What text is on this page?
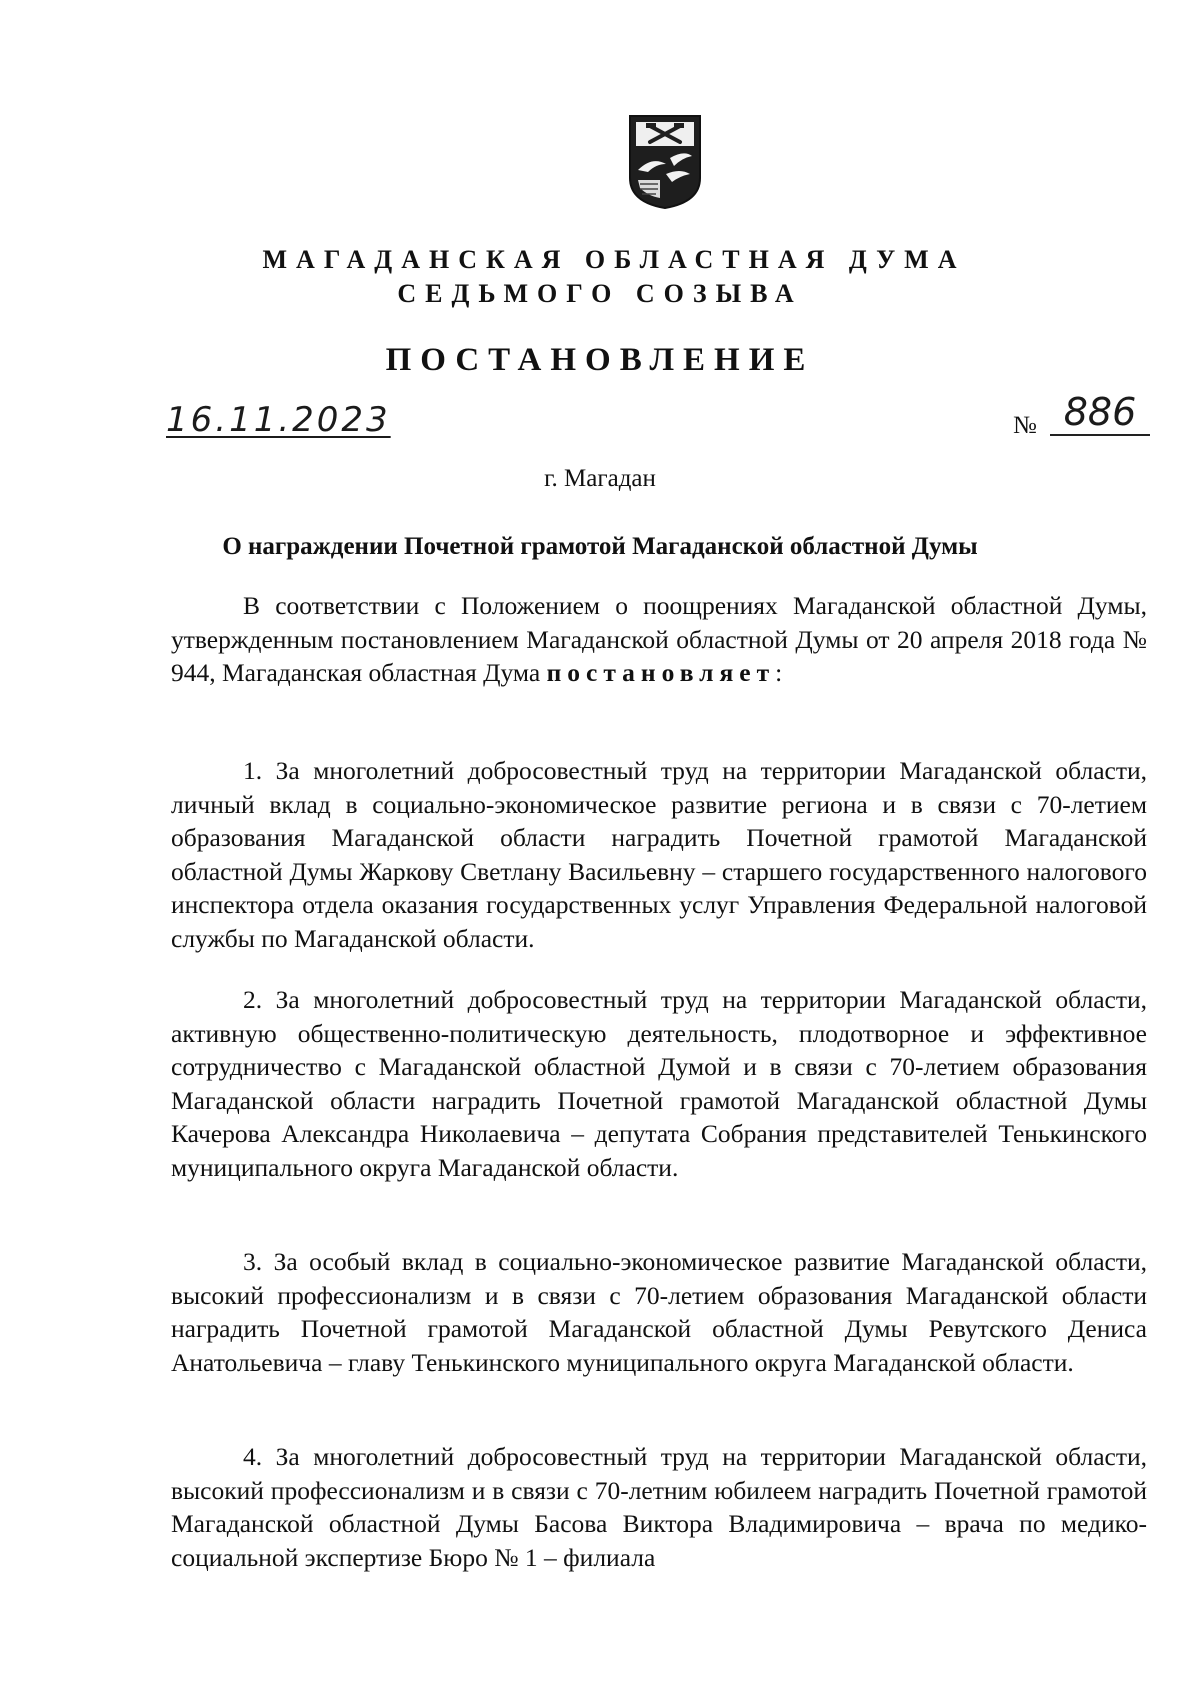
МАГАДАНСКАЯ ОБЛАСТНАЯ ДУМА
СЕДЬМОГО СОЗЫВА
ПОСТАНОВЛЕНИЕ
16.11.2023	№ 886
г. Магадан
О награждении Почетной грамотой Магаданской областной Думы
В соответствии с Положением о поощрениях Магаданской областной Думы, утвержденным постановлением Магаданской областной Думы от 20 апреля 2018 года № 944, Магаданская областная Дума постановляет:
1. За многолетний добросовестный труд на территории Магаданской области, личный вклад в социально-экономическое развитие региона и в связи с 70-летием образования Магаданской области наградить Почетной грамотой Магаданской областной Думы Жаркову Светлану Васильевну – старшего государственного налогового инспектора отдела оказания государственных услуг Управления Федеральной налоговой службы по Магаданской области.
2. За многолетний добросовестный труд на территории Магаданской области, активную общественно-политическую деятельность, плодотворное и эффективное сотрудничество с Магаданской областной Думой и в связи с 70-летием образования Магаданской области наградить Почетной грамотой Магаданской областной Думы Качерова Александра Николаевича – депутата Собрания представителей Тенькинского муниципального округа Магаданской области.
3. За особый вклад в социально-экономическое развитие Магаданской области, высокий профессионализм и в связи с 70-летием образования Магаданской области наградить Почетной грамотой Магаданской областной Думы Ревутского Дениса Анатольевича – главу Тенькинского муниципального округа Магаданской области.
4. За многолетний добросовестный труд на территории Магаданской области, высокий профессионализм и в связи с 70-летним юбилеем наградить Почетной грамотой Магаданской областной Думы Басова Виктора Владимировича – врача по медико-социальной экспертизе Бюро № 1 – филиала
